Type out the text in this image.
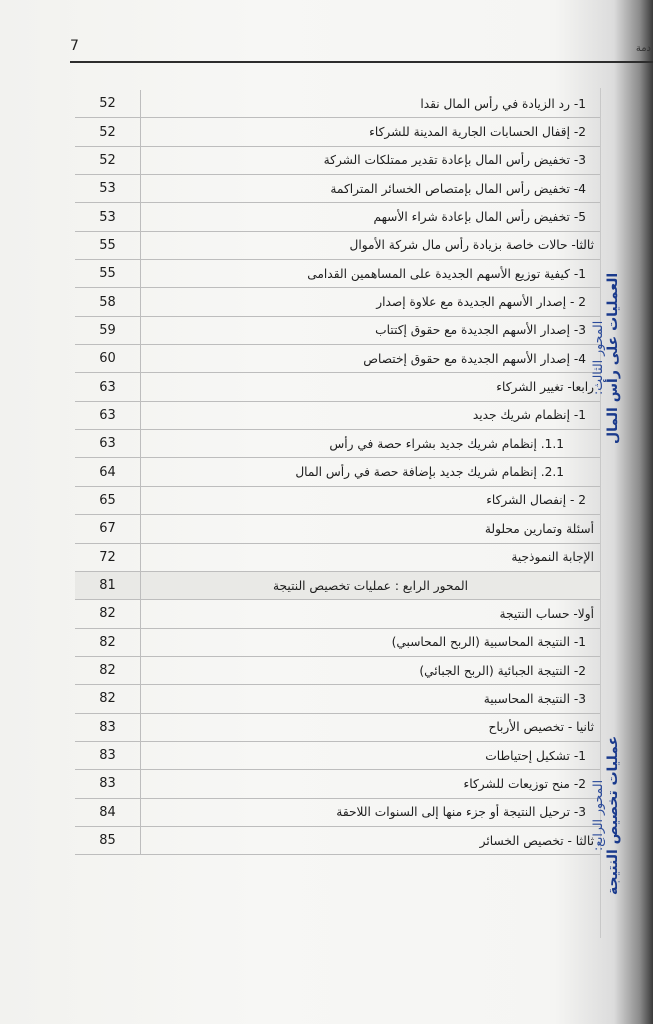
7	دمة
1- رد الزيادة في رأس المال نقدا	52
2- إقفال الحسابات الجارية المدينة للشركاء	52
3- تخفيض رأس المال بإعادة تقدير ممتلكات الشركة	52
4- تخفيض رأس المال بإمتصاص الخسائر المتراكمة	53
5- تخفيض رأس المال بإعادة شراء الأسهم	53
ثالثا- حالات خاصة بزيادة رأس مال شركة الأموال	55
1- كيفية توزيع الأسهم الجديدة على المساهمين القدامى	55
2 - إصدار الأسهم الجديدة مع علاوة إصدار	58
3- إصدار الأسهم الجديدة مع حقوق إكتتاب	59
4- إصدار الأسهم الجديدة مع حقوق إختصاص	60
رابعا- تغيير الشركاء	63
1- إنظمام شريك جديد	63
1.1. إنظمام شريك جديد بشراء حصة في رأس	63
2.1. إنظمام شريك جديد بإضافة حصة في رأس المال	64
2 - إنفصال الشركاء	65
أسئلة وتمارين محلولة	67
الإجابة النموذجية	72
المحور الرابع : عمليات تخصيص النتيجة	81
أولا- حساب النتيجة	82
1- النتيجة المحاسبية (الربح المحاسبي)	82
2- النتيجة الجبائية (الربح الجبائي)	82
3- النتيجة المحاسبية	82
ثانيا - تخصيص الأرباح	83
1- تشكيل إحتياطات	83
2- منح توزيعات للشركاء	83
3- ترحيل النتيجة أو جزء منها إلى السنوات اللاحقة	84
ثالثا - تخصيص الخسائر	85
المحور الثالث: العمليات على رأس المال
المحور الرابع: عمليات تخصيص النتيجة
